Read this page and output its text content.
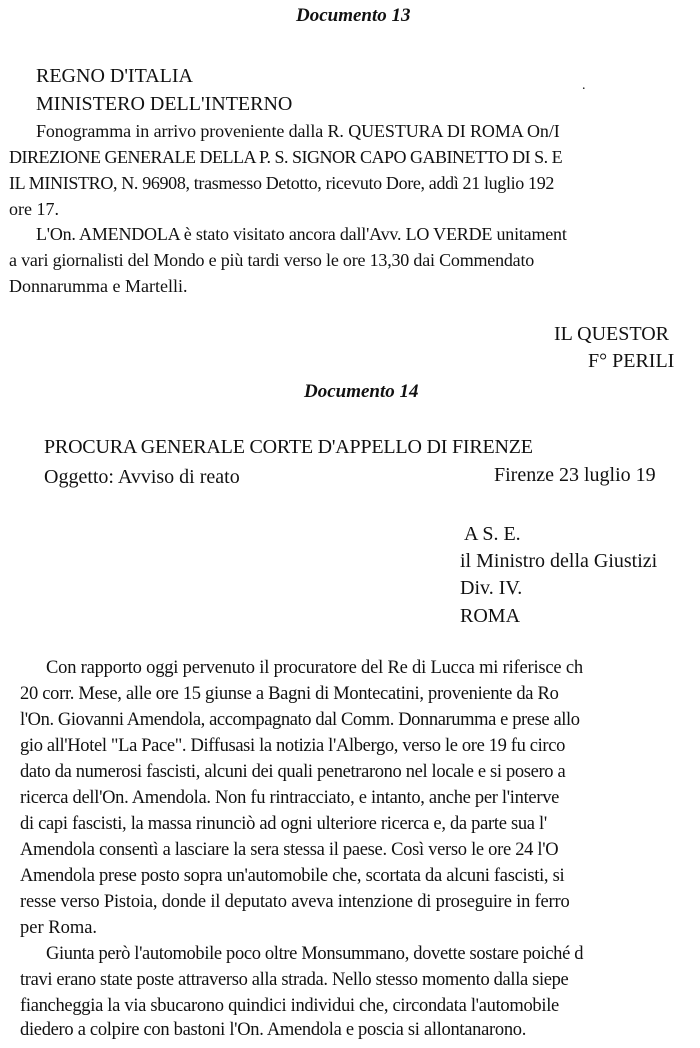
Documento 13
REGNO D'ITALIA
MINISTERO DELL'INTERNO
.
Fonogramma in arrivo proveniente dalla R. QUESTURA DI ROMA On/I
DIREZIONE GENERALE DELLA P. S. SIGNOR CAPO GABINETTO DI S. E
IL MINISTRO, N. 96908, trasmesso Detotto, ricevuto Dore, addì 21 luglio 192
ore 17.
L'On. AMENDOLA è stato visitato ancora dall'Avv. LO VERDE unitament
a vari giornalisti del Mondo e più tardi verso le ore 13,30 dai Commendato
Donnarumma e Martelli.
IL QUESTOR
F° PERILI
Documento 14
PROCURA GENERALE CORTE D'APPELLO DI FIRENZE
Oggetto: Avviso di reato	Firenze 23 luglio 19
A S. E.
il Ministro della Giustizi
Div. IV.
ROMA
Con rapporto oggi pervenuto il procuratore del Re di Lucca mi riferisce ch
20 corr. Mese, alle ore 15 giunse a Bagni di Montecatini, proveniente da Ro
l'On. Giovanni Amendola, accompagnato dal Comm. Donnarumma e prese allo
gio all'Hotel "La Pace". Diffusasi la notizia l'Albergo, verso le ore 19 fu circo
dato da numerosi fascisti, alcuni dei quali penetrarono nel locale e si posero a
ricerca dell'On. Amendola. Non fu rintracciato, e intanto, anche per l'interve
di capi fascisti, la massa rinunciò ad ogni ulteriore ricerca e, da parte sua l'
Amendola consentì a lasciare la sera stessa il paese. Così verso le ore 24 l'O
Amendola prese posto sopra un'automobile che, scortata da alcuni fascisti, si
resse verso Pistoia, donde il deputato aveva intenzione di proseguire in ferro
per Roma.
Giunta però l'automobile poco oltre Monsummano, dovette sostare poiché d
travi erano state poste attraverso alla strada. Nello stesso momento dalla siepe
fiancheggia la via sbucarono quindici individui che, circondata l'automobile
diedero a colpire con bastoni l'On. Amendola e poscia si allontanarono.
